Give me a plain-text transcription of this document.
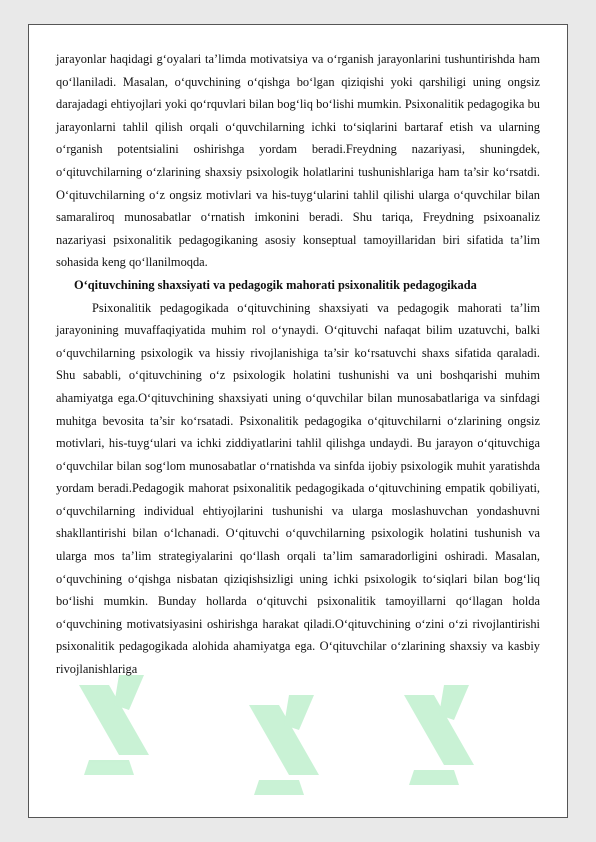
jarayonlar haqidagi g‘oyalari ta’limda motivatsiya va o‘rganish jarayonlarini tushuntirishda ham qo‘llaniladi. Masalan, o‘quvchining o‘qishga bo‘lgan qiziqishi yoki qarshiligi uning ongsiz darajadagi ehtiyojlari yoki qo‘rquvlari bilan bog‘liq bo‘lishi mumkin. Psixonalitik pedagogika bu jarayonlarni tahlil qilish orqali o‘quvchilarning ichki to‘siqlarini bartaraf etish va ularning o‘rganish potentsialini oshirishga yordam beradi.Freydning nazariyasi, shuningdek, o‘qituvchilarning o‘zlarining shaxsiy psixologik holatlarini tushunishlariga ham ta’sir ko‘rsatdi. O‘qituvchilarning o‘z ongsiz motivlari va his-tuyg‘ularini tahlil qilishi ularga o‘quvchilar bilan samaraliroq munosabatlar o‘rnatish imkonini beradi. Shu tariqa, Freydning psixoanaliz nazariyasi psixonalitik pedagogikaning asosiy konseptual tamoyillaridan biri sifatida ta’lim sohasida keng qo‘llanilmoqda.

O‘qituvchining shaxsiyati va pedagogik mahorati psixonalitik pedagogikada

Psixonalitik pedagogikada o‘qituvchining shaxsiyati va pedagogik mahorati ta’lim jarayonining muvaffaqiyatida muhim rol o‘ynaydi. O‘qituvchi nafaqat bilim uzatuvchi, balki o‘quvchilarning psixologik va hissiy rivojlanishiga ta’sir ko‘rsatuvchi shaxs sifatida qaraladi. Shu sababli, o‘qituvchining o‘z psixologik holatini tushunishi va uni boshqarishi muhim ahamiyatga ega.O‘qituvchining shaxsiyati uning o‘quvchilar bilan munosabatlariga va sinfdagi muhitga bevosita ta’sir ko‘rsatadi. Psixonalitik pedagogika o‘qituvchilarni o‘zlarining ongsiz motivlari, his-tuyg‘ulari va ichki ziddiyatlarini tahlil qilishga undaydi. Bu jarayon o‘qituvchiga o‘quvchilar bilan sog‘lom munosabatlar o‘rnatishda va sinfda ijobiy psixologik muhit yaratishda yordam beradi.Pedagogik mahorat psixonalitik pedagogikada o‘qituvchining empatik qobiliyati, o‘quvchilarning individual ehtiyojlarini tushunishi va ularga moslashuvchan yondashuvni shakllantirishi bilan o‘lchanadi. O‘qituvchi o‘quvchilarning psixologik holatini tushunish va ularga mos ta’lim strategiyalarini qo‘llash orqali ta’lim samaradorligini oshiradi. Masalan, o‘quvchining o‘qishga nisbatan qiziqishsizligi uning ichki psixologik to‘siqlari bilan bog‘liq bo‘lishi mumkin. Bunday hollarda o‘qituvchi psixonalitik tamoyillarni qo‘llagan holda o‘quvchining motivatsiyasini oshirishga harakat qiladi.O‘qituvchining o‘zini o‘zi rivojlantirishi psixonalitik pedagogikada alohida ahamiyatga ega. O‘qituvchilar o‘zlarining shaxsiy va kasbiy rivojlanishlariga
